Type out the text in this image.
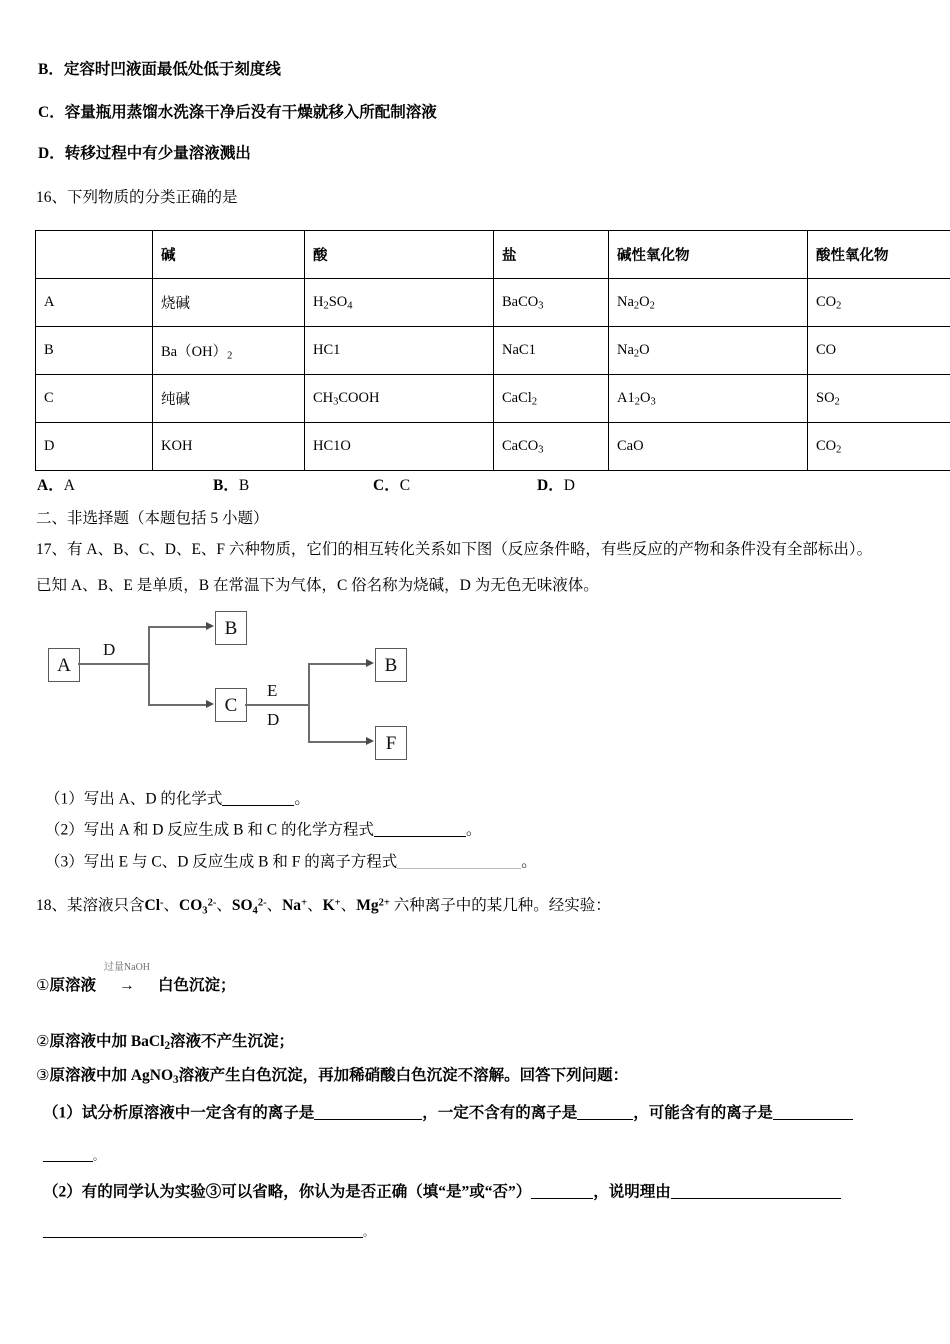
B．定容时凹液面最低处低于刻度线
C．容量瓶用蒸馏水洗涤干净后没有干燥就移入所配制溶液
D．转移过程中有少量溶液溅出
16、下列物质的分类正确的是
	碱	酸	盐	碱性氧化物	酸性氧化物
A	烧碱	$H_2SO_4$	BaCO$_3$	$Na_2O_2$	$CO_2$
B	$Ba(OH)_2$	HC1	NaC1	$Na_2O$	CO
C	纯碱	$CH_3COOH$	CaCl$_2$	$A1_2O_3$	$SO_2$
D	KOH	HC1O	CaCO$_3$	CaO	$CO_2$
A．A	B．B	C．C	D．D
二、非选择题（本题包括 5 小题）
17、有 A、B、C、D、E、F 六种物质，它们的相互转化关系如下图（反应条件略，有些反应的产物和条件没有全部标出）。
已知 A、B、E 是单质，B 在常温下为气体，C 俗名称为烧碱，D 为无色无味液体。
A
B
C
B
F
D
E
D
（1）写出 A、D 的化学式	。
（2）写出 A 和 D 反应生成 B 和 C 的化学方程式	。
（3）写出 E 与 C、D 反应生成 B 和 F 的离子方程式	。
18、某溶液只含Cl-、$CO^{32-}$、$SO^{42-}$、Na+、K+、$Mg^{2+}$ 六种离子中的某几种。经实验：
①原溶液
过量NaOH
→ 白色沉淀；
②原溶液中加 BaCl$_2$溶液不产生沉淀；
③原溶液中加 AgNO$_3$溶液产生白色沉淀，再加稀硝酸白色沉淀不溶解。回答下列问题：
（1）试分析原溶液中一定含有的离子是	，一定不含有的离子是	，可能含有的离子是
。
（2）有的同学认为实验③可以省略，你认为是否正确（填“是”或“否”）	，说明理由
。
